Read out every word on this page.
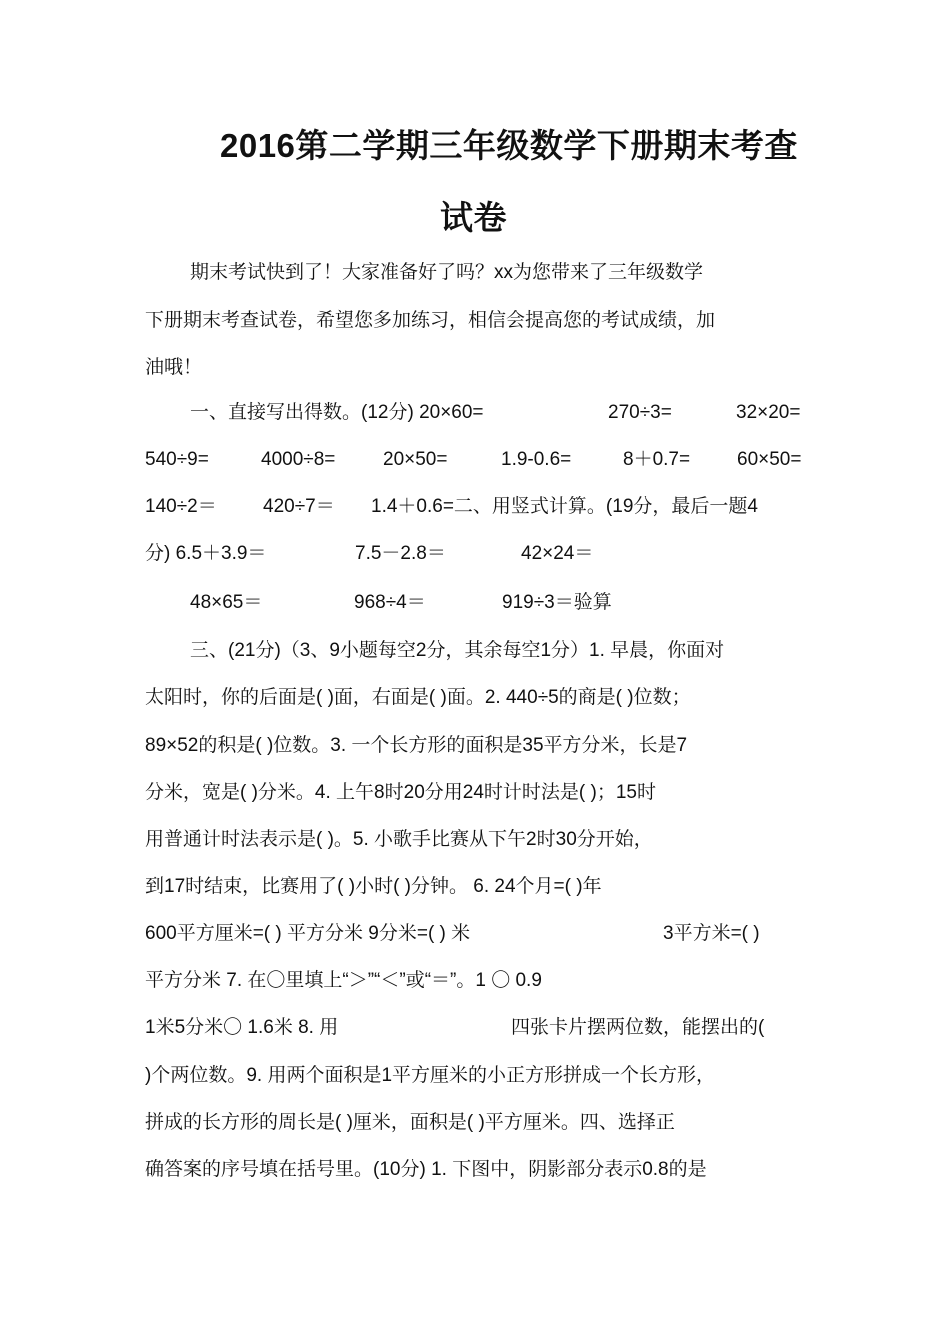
2016第二学期三年级数学下册期末考查
试卷
期末考试快到了！大家准备好了吗？xx为您带来了三年级数学
下册期末考查试卷，希望您多加练习，相信会提高您的考试成绩，加
油哦！
一、直接写出得数。(12分) 20×60=	270÷3=	32×20=
540÷9=	4000÷8=	20×50=	1.9-0.6=	8＋0.7= 60×50=
140÷2＝ 420÷7＝ 1.4＋0.6=二、用竖式计算。(19分，最后一题4
分) 6.5＋3.9＝	7.5－2.8＝	42×24＝
48×65＝	968÷4＝	919÷3＝验算
三、(21分)（3、9小题每空2分，其余每空1分）1. 早晨，你面对
太阳时，你的后面是( )面，右面是( )面。2. 440÷5的商是( )位数；
89×52的积是( )位数。3. 一个长方形的面积是35平方分米，长是7
分米，宽是( )分米。4. 上午8时20分用24时计时法是( )；15时
用普通计时法表示是( )。5. 小歌手比赛从下午2时30分开始，
到17时结束，比赛用了( )小时( )分钟。 6. 24个月=( )年
600平方厘米=( ) 平方分米 9分米=( ) 米	3平方米=( )
平方分米 7. 在〇里填上“＞”“＜”或“＝”。1 〇 0.9
1米5分米〇 1.6米 8. 用	四张卡片摆两位数，能摆出的(
)个两位数。9. 用两个面积是1平方厘米的小正方形拼成一个长方形，
拼成的长方形的周长是( )厘米，面积是( )平方厘米。四、选择正
确答案的序号填在括号里。(10分) 1. 下图中，阴影部分表示0.8的是
